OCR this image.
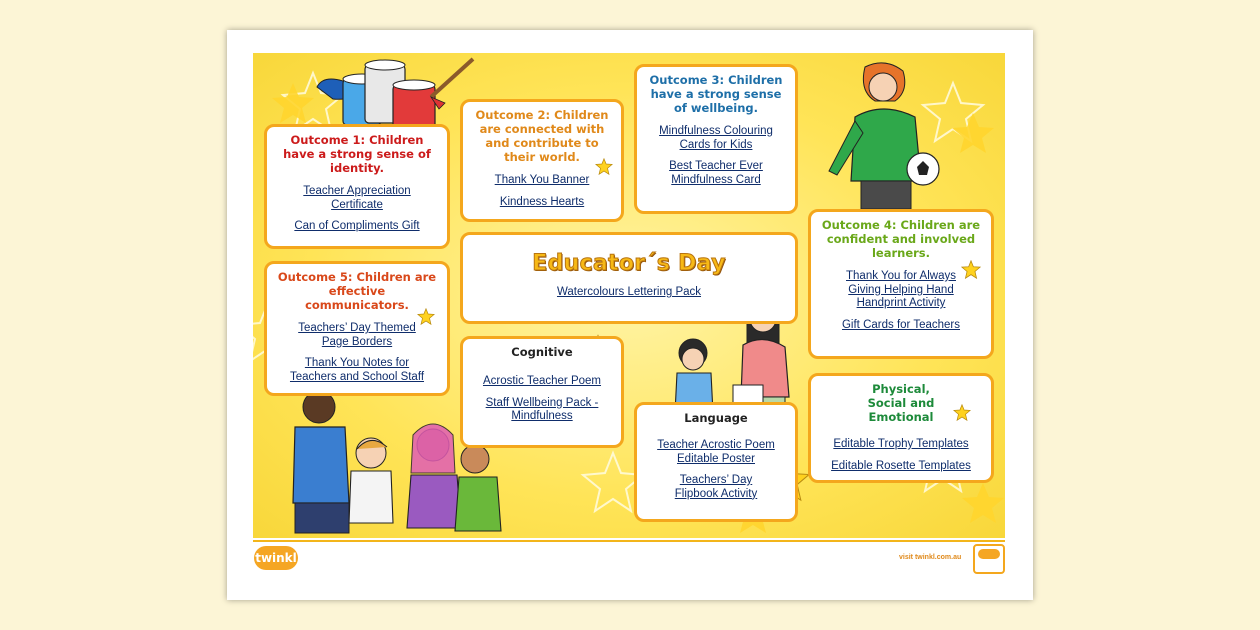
Outcome 1: Children have a strong sense of identity.
Teacher Appreciation Certificate
Can of Compliments Gift
Outcome 2: Children are connected with and contribute to their world.
Thank You Banner
Kindness Hearts
Outcome 3: Children have a strong sense of wellbeing.
Mindfulness Colouring Cards for Kids
Best Teacher Ever Mindfulness Card
Educator´s Day
Watercolours Lettering Pack
Outcome 4: Children are confident and involved learners.
Thank You for Always Giving Helping Hand Handprint Activity
Gift Cards for Teachers
Outcome 5: Children are effective communicators.
Teachers’ Day Themed Page Borders
Thank You Notes for Teachers and School Staff
Cognitive
Acrostic Teacher Poem
Staff Wellbeing Pack - Mindfulness	Language
Teacher Acrostic Poem Editable Poster
Teachers’ Day Flipbook Activity
Physical, Social and Emotional
Editable Trophy Templates
Editable Rosette Templates
twinkl	visit twinkl.com.au
